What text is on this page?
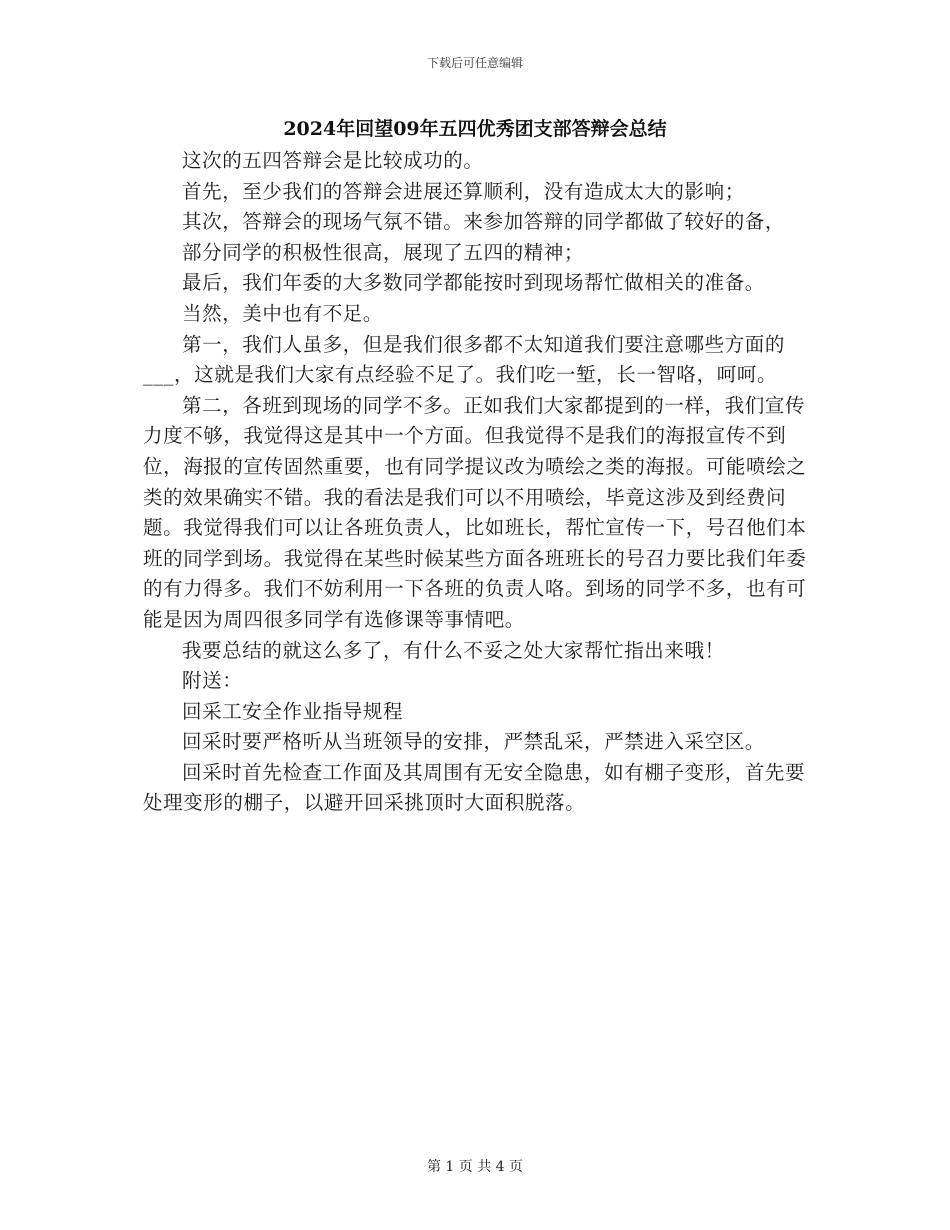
下载后可任意编辑
2024年回望09年五四优秀团支部答辩会总结

这次的五四答辩会是比较成功的。

首先，至少我们的答辩会进展还算顺利，没有造成太大的影响；

其次，答辩会的现场气氛不错。来参加答辩的同学都做了较好的备，

部分同学的积极性很高，展现了五四的精神；

最后，我们年委的大多数同学都能按时到现场帮忙做相关的准备。

当然，美中也有不足。

第一，我们人虽多，但是我们很多都不太知道我们要注意哪些方面的___，这就是我们大家有点经验不足了。我们吃一堑，长一智咯，呵呵。

第二，各班到现场的同学不多。正如我们大家都提到的一样，我们宣传力度不够，我觉得这是其中一个方面。但我觉得不是我们的海报宣传不到位，海报的宣传固然重要，也有同学提议改为喷绘之类的海报。可能喷绘之类的效果确实不错。我的看法是我们可以不用喷绘，毕竟这涉及到经费问题。我觉得我们可以让各班负责人，比如班长，帮忙宣传一下，号召他们本班的同学到场。我觉得在某些时候某些方面各班班长的号召力要比我们年委的有力得多。我们不妨利用一下各班的负责人咯。到场的同学不多，也有可能是因为周四很多同学有选修课等事情吧。

我要总结的就这么多了，有什么不妥之处大家帮忙指出来哦！

附送：

回采工安全作业指导规程

回采时要严格听从当班领导的安排，严禁乱采，严禁进入采空区。

回采时首先检查工作面及其周围有无安全隐患，如有棚子变形，首先要处理变形的棚子，以避开回采挑顶时大面积脱落。

第 1 页 共 4 页
